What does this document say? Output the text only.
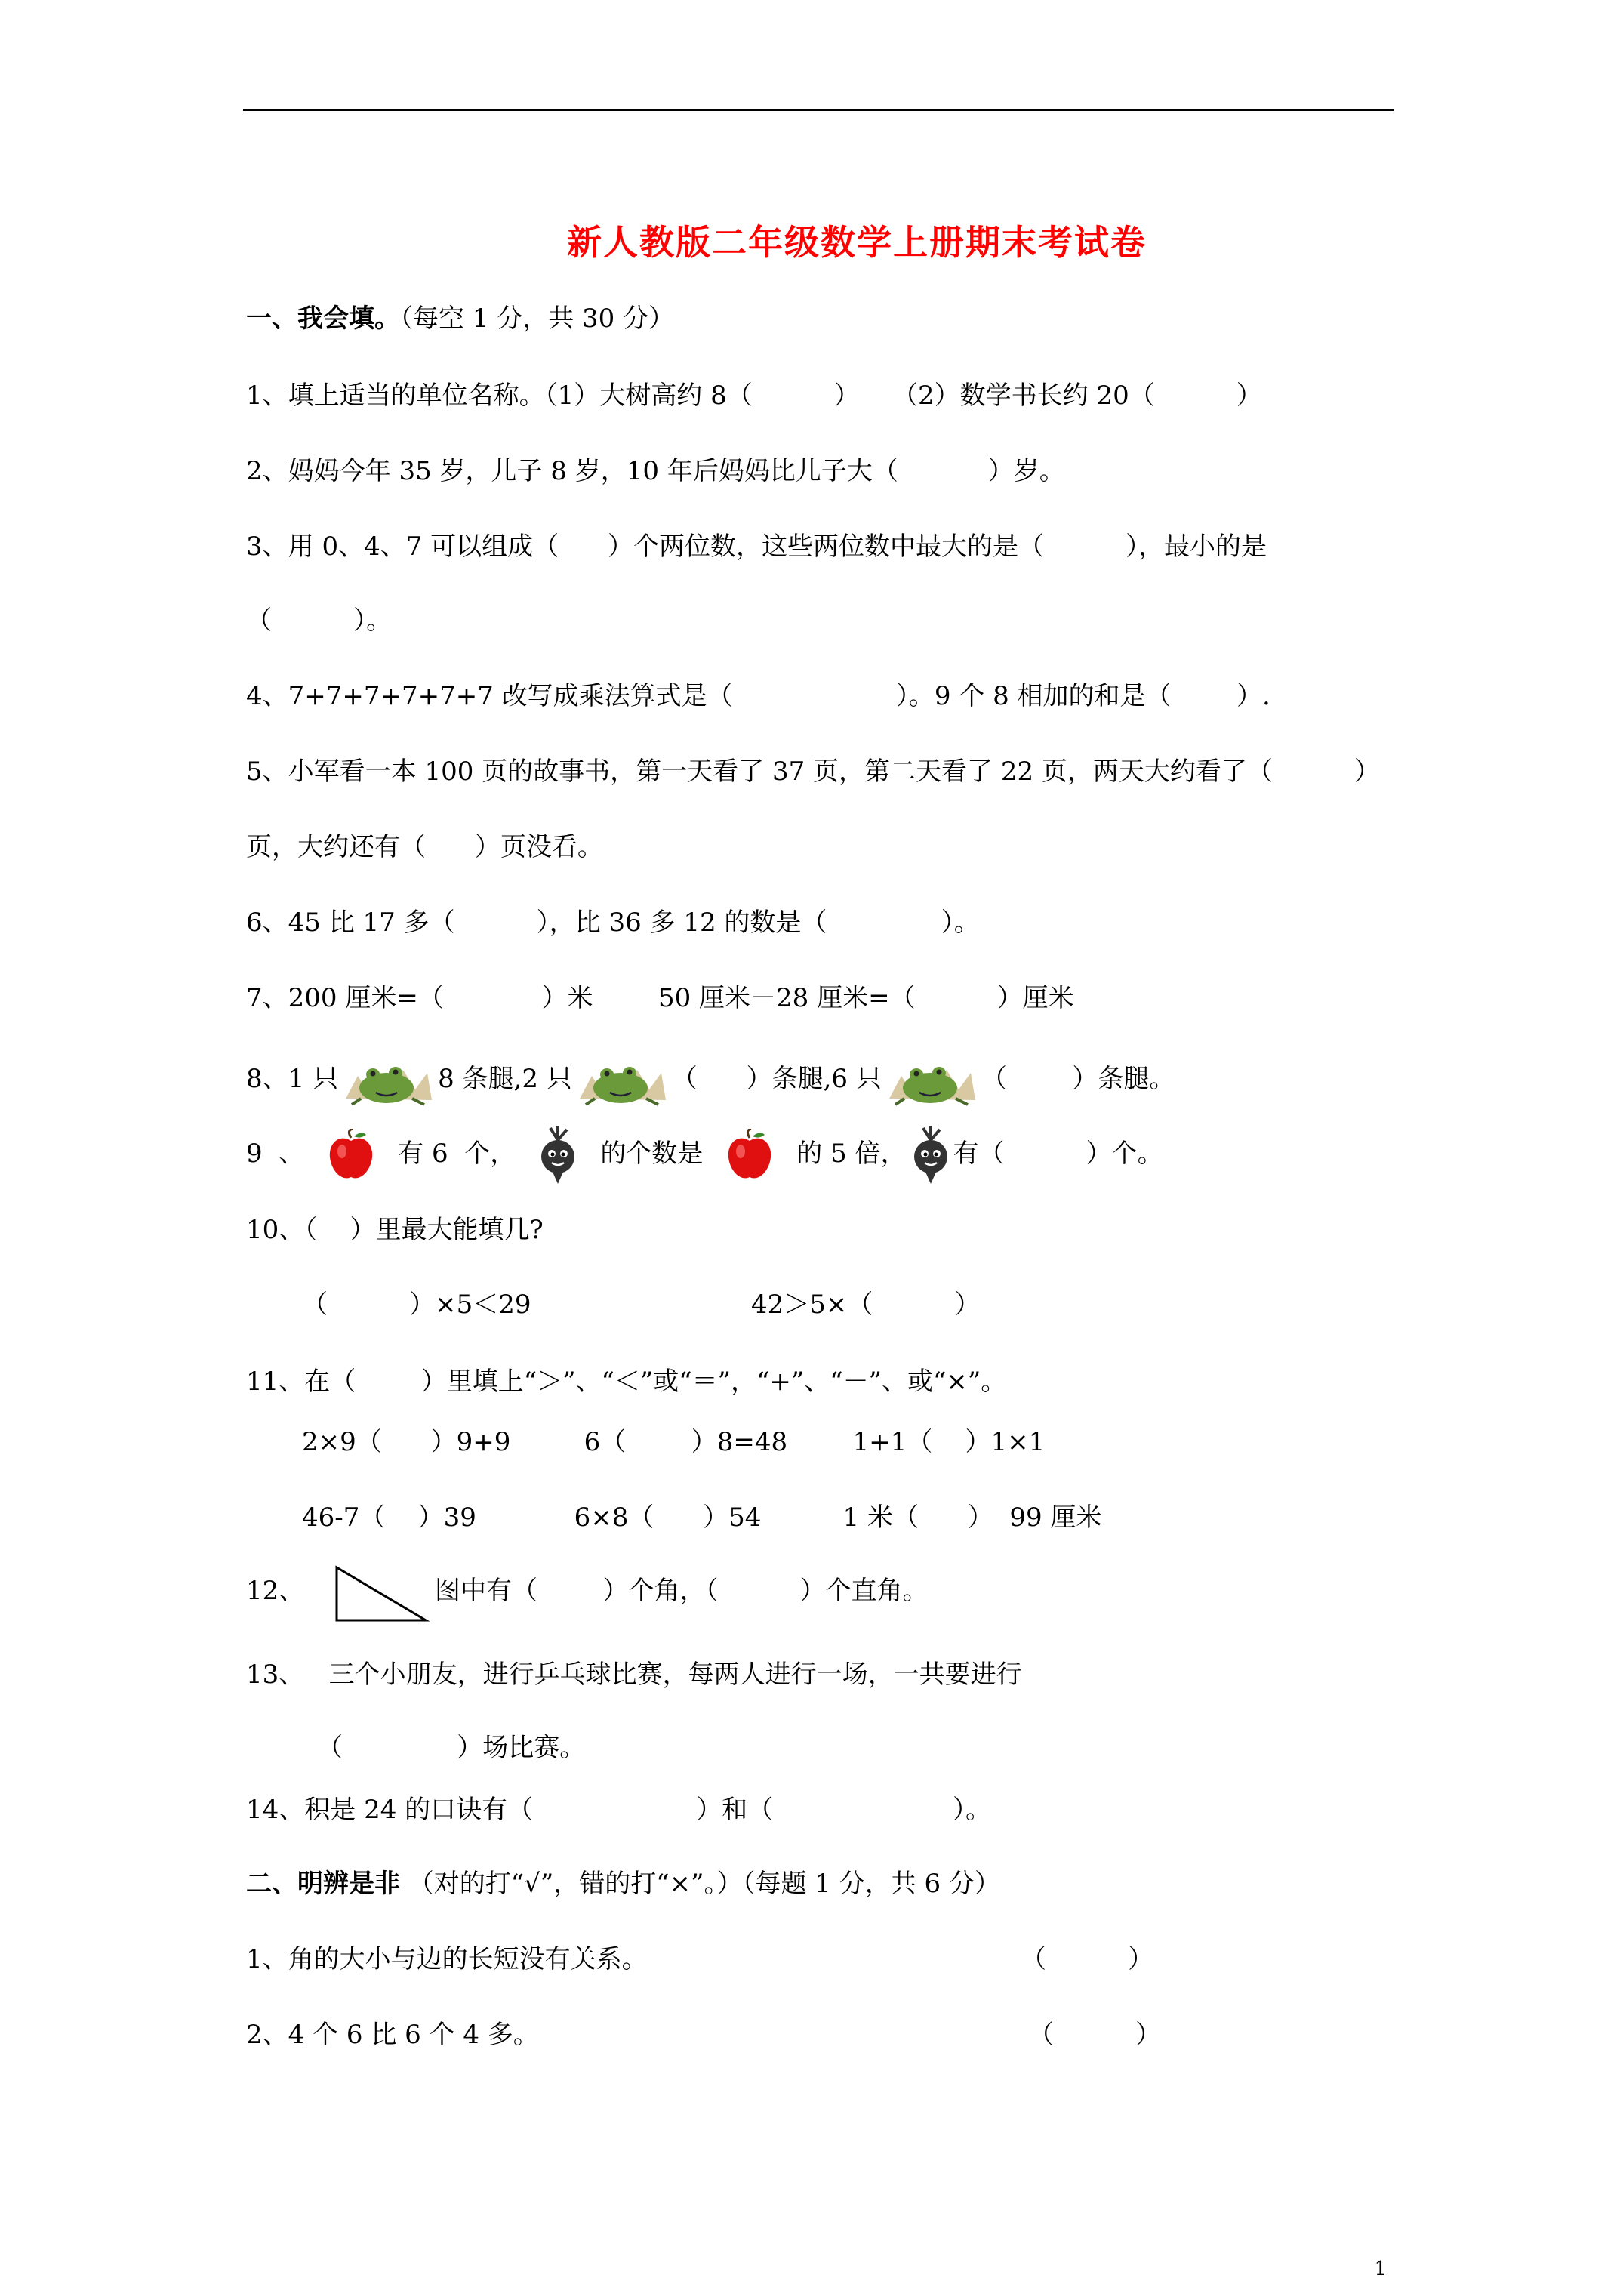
新人教版二年级数学上册期末考试卷
一、我会填。（每空 1 分，共 30 分）
1、填上适当的单位名称。（1）大树高约 8（          ）    （2）数学书长约 20（          ）
2、妈妈今年 35 岁，儿子 8 岁，10 年后妈妈比儿子大（           ）岁。
3、用 0、4、7 可以组成（      ）个两位数，这些两位数中最大的是（          ），最小的是
（          ）。
4、7+7+7+7+7+7 改写成乘法算式是（                    ）。9 个 8 相加的和是（        ）.
5、小军看一本 100 页的故事书，第一天看了 37 页，第二天看了 22 页，两天大约看了（          ）
页，大约还有（      ）页没看。
6、45 比 17 多（          ），比 36 多 12 的数是（              ）。
7、200 厘米=（            ）米        50 厘米－28 厘米=（          ）厘米
8、1 只	8 条腿,2 只	（      ）条腿,6 只	（        ）条腿。
9  、	有 6  个，	的个数是	的 5 倍， 有（          ）个。
10、（    ）里最大能填几?
（          ）×5＜29	42＞5×（          ）
11、在（        ）里填上“＞”、“＜”或“＝”，“+”、“－”、或“×”。
2×9（      ）9+9         6（        ）8=48        1+1（    ）1×1
46-7（    ）39            6×8（      ）54          1 米（      ）  99 厘米
12、	图中有（        ）个角，（          ）个直角。
13、   三个小朋友，进行乒乓球比赛，每两人进行一场，一共要进行
（              ）场比赛。
14、积是 24 的口诀有（                    ）和（                      ）。
二、明辨是非 （对的打“√”，错的打“×”。）（每题 1 分，共 6 分）
1、角的大小与边的长短没有关系。	（          ）
2、4 个 6 比 6 个 4 多。	（          ）
1
